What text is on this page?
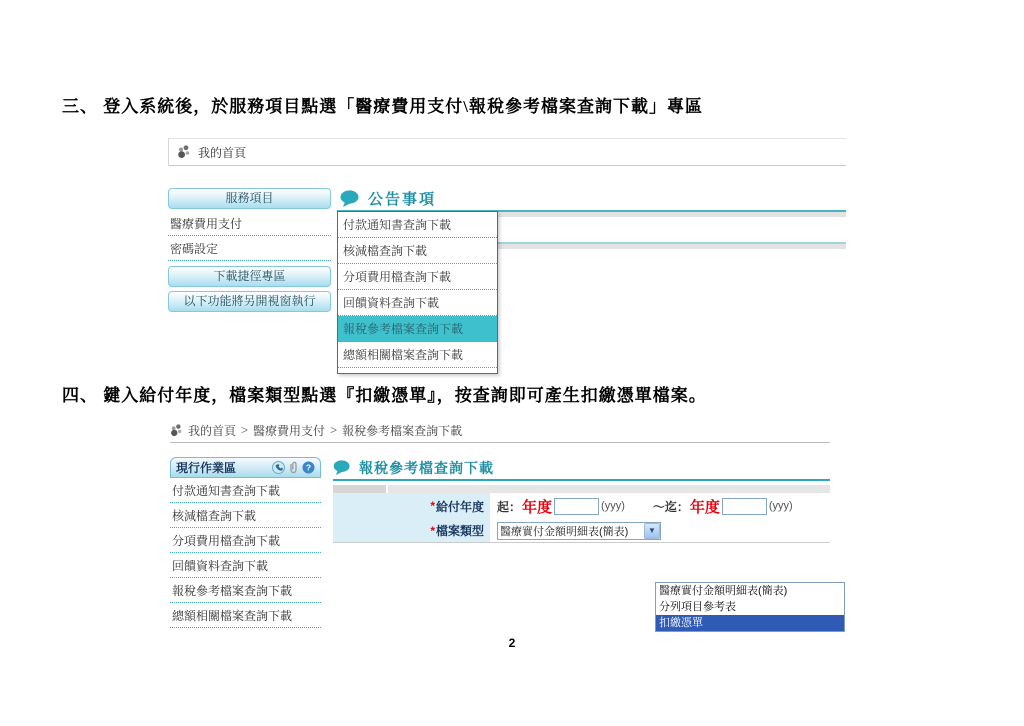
三、 登入系統後，於服務項目點選「醫療費用支付\報稅參考檔案查詢下載」專區
我的首頁
服務項目
醫療費用支付
密碼設定
下載捷徑專區
以下功能將另開視窗執行
公告事項
付款通知書查詢下載
核減檔查詢下載
分項費用檔查詢下載
回饋資料查詢下載
報稅參考檔案查詢下載
總額相關檔案查詢下載
四、 鍵入給付年度，檔案類型點選『扣繳憑單』，按查詢即可產生扣繳憑單檔案。
我的首頁 > 醫療費用支付 > 報稅參考檔案查詢下載
現行作業區	?
付款通知書查詢下載
核減檔查詢下載
分項費用檔查詢下載
回饋資料查詢下載
報稅參考檔案查詢下載
總額相關檔案查詢下載
報稅參考檔查詢下載
* 給付年度 起： 年度	(yyy) ～迄： 年度	(yyy)
* 檔案類型 醫療實付金額明細表(簡表)	▼
醫療實付金額明細表(簡表)
分列項目參考表
扣繳憑單
2
